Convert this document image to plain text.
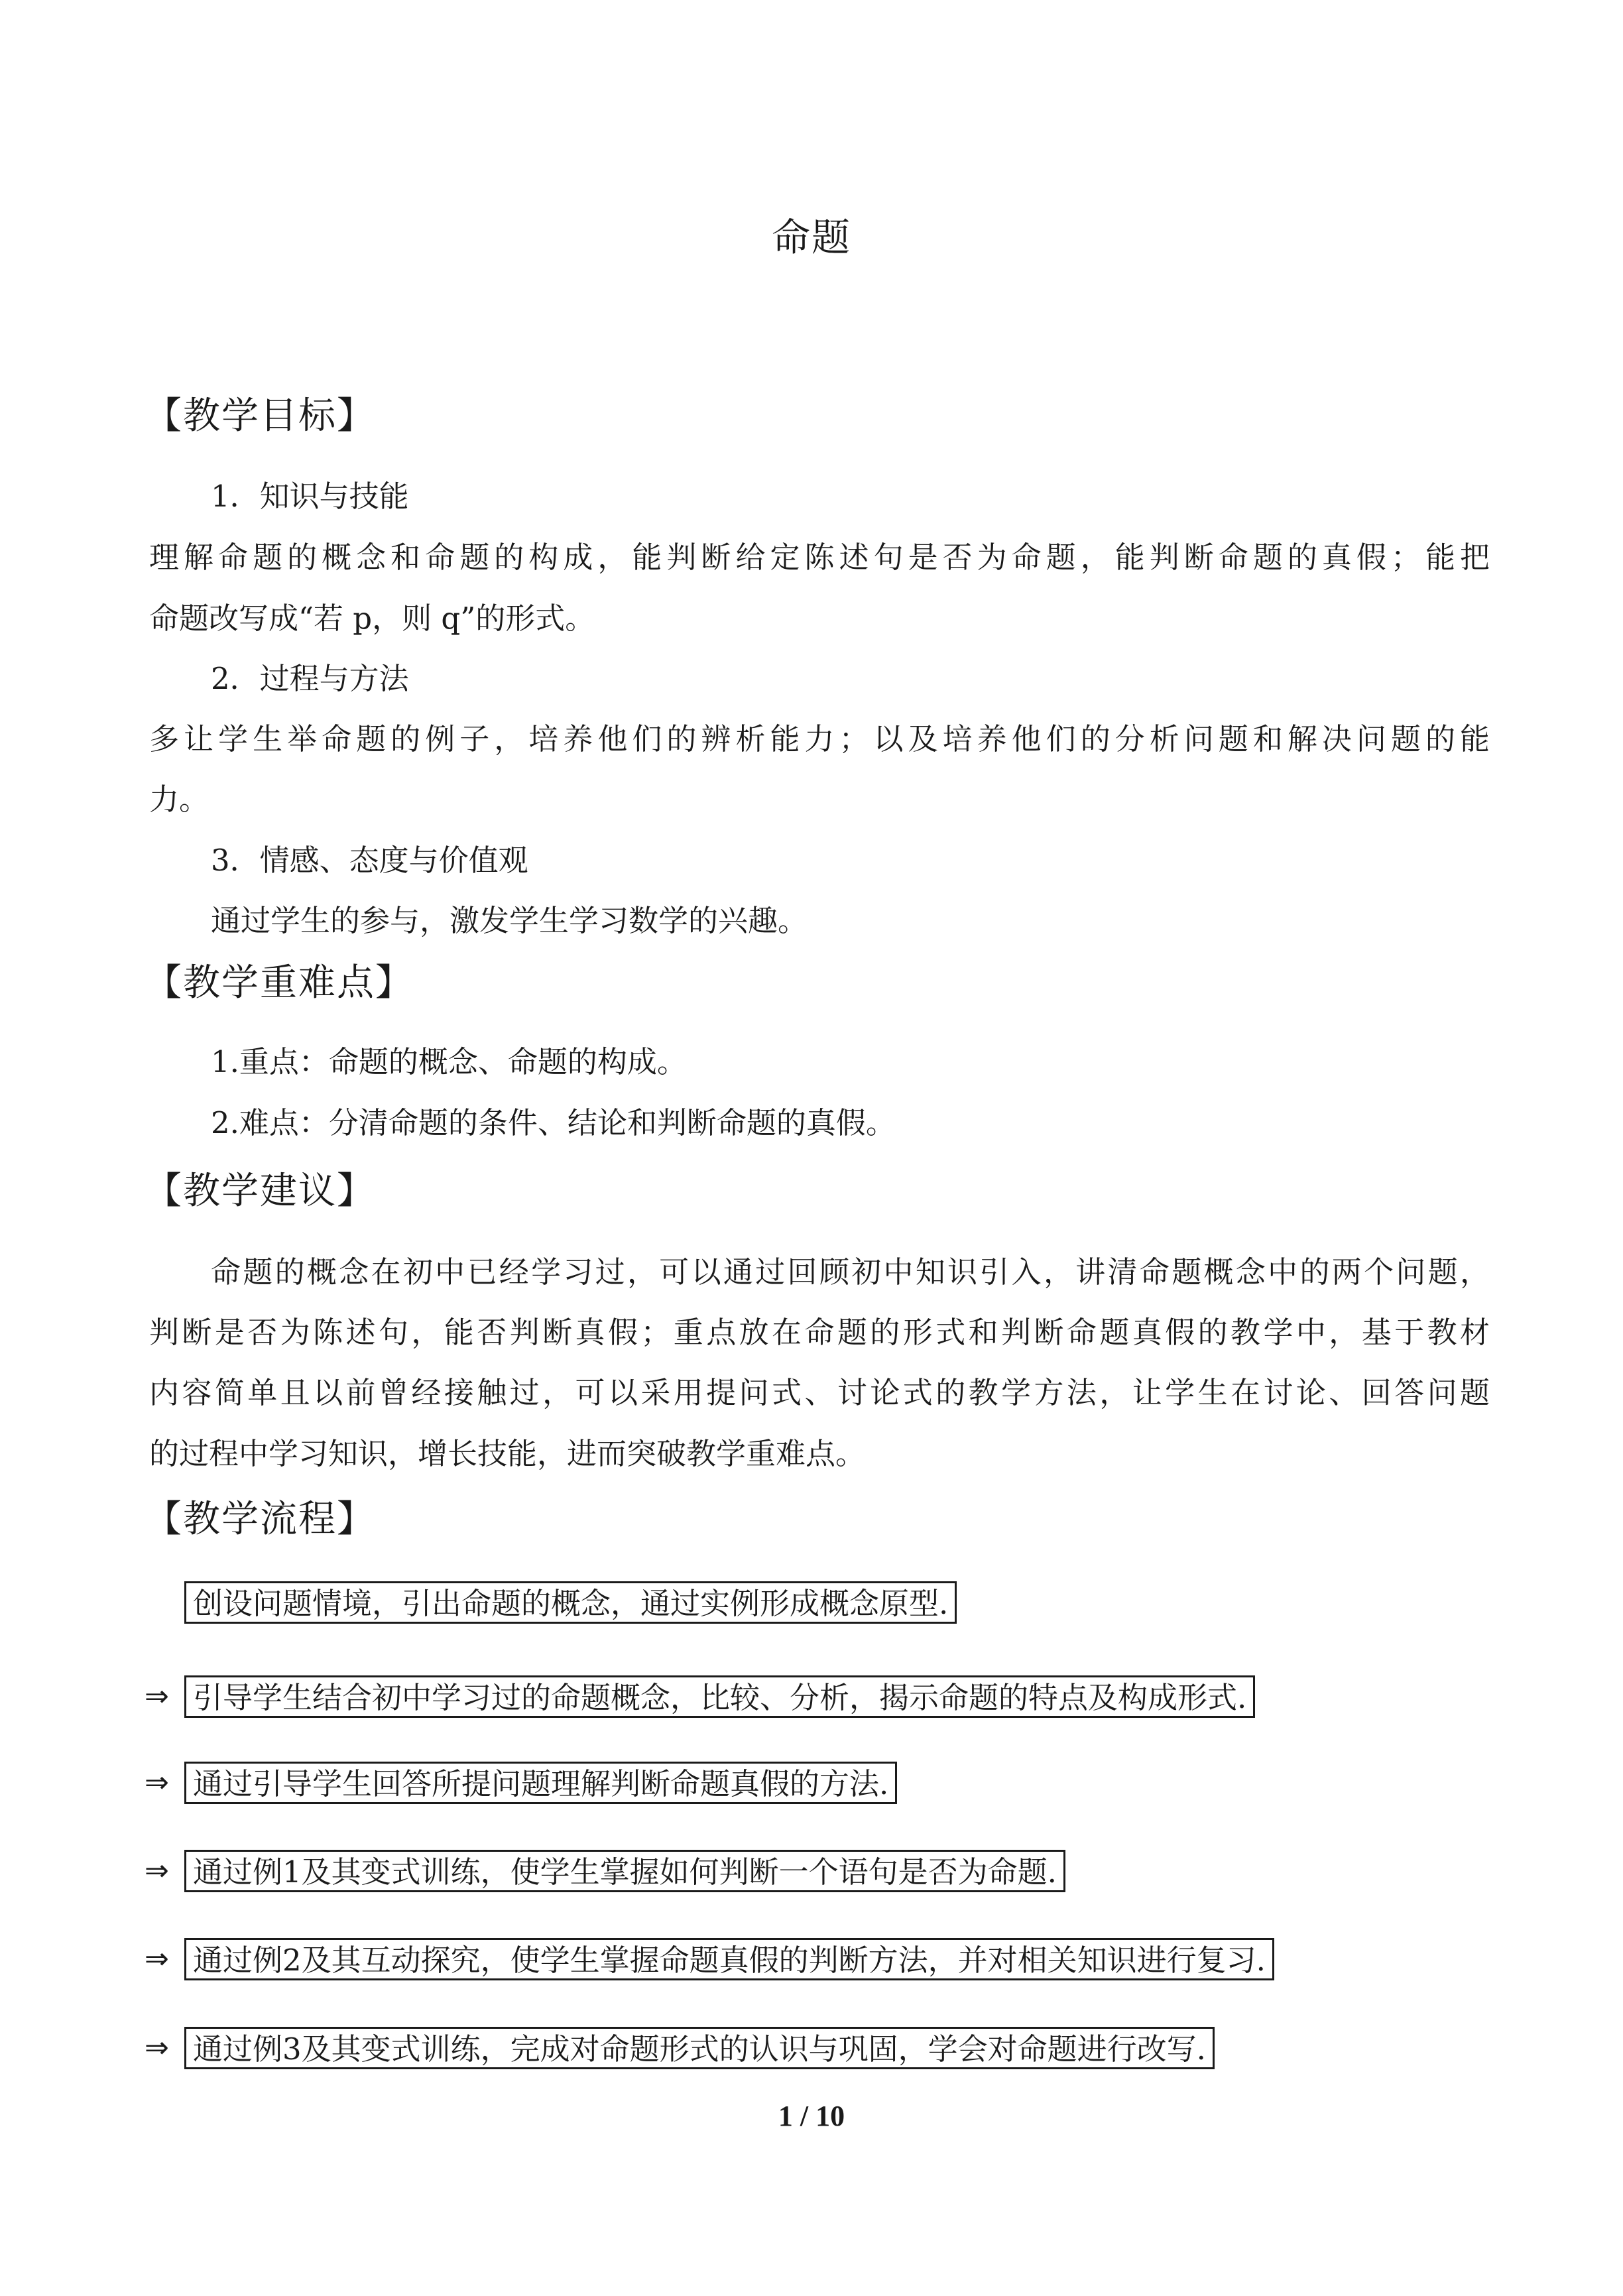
命题
【教学目标】
1．知识与技能
理解命题的概念和命题的构成，能判断给定陈述句是否为命题，能判断命题的真假；能把
命题改写成“若 p，则 q”的形式。
2．过程与方法
多让学生举命题的例子，培养他们的辨析能力；以及培养他们的分析问题和解决问题的能
力。
3．情感、态度与价值观
通过学生的参与，激发学生学习数学的兴趣。
【教学重难点】
1.重点：命题的概念、命题的构成。
2.难点：分清命题的条件、结论和判断命题的真假。
【教学建议】
命题的概念在初中已经学习过，可以通过回顾初中知识引入，讲清命题概念中的两个问题，
判断是否为陈述句，能否判断真假；重点放在命题的形式和判断命题真假的教学中，基于教材
内容简单且以前曾经接触过，可以采用提问式、讨论式的教学方法，让学生在讨论、回答问题
的过程中学习知识，增长技能，进而突破教学重难点。
【教学流程】
创设问题情境，引出命题的概念，通过实例形成概念原型.
⇒ 引导学生结合初中学习过的命题概念，比较、分析，揭示命题的特点及构成形式.
⇒ 通过引导学生回答所提问题理解判断命题真假的方法.
⇒ 通过例1及其变式训练，使学生掌握如何判断一个语句是否为命题.
⇒ 通过例2及其互动探究，使学生掌握命题真假的判断方法，并对相关知识进行复习.
⇒ 通过例3及其变式训练，完成对命题形式的认识与巩固，学会对命题进行改写.
1 / 10
